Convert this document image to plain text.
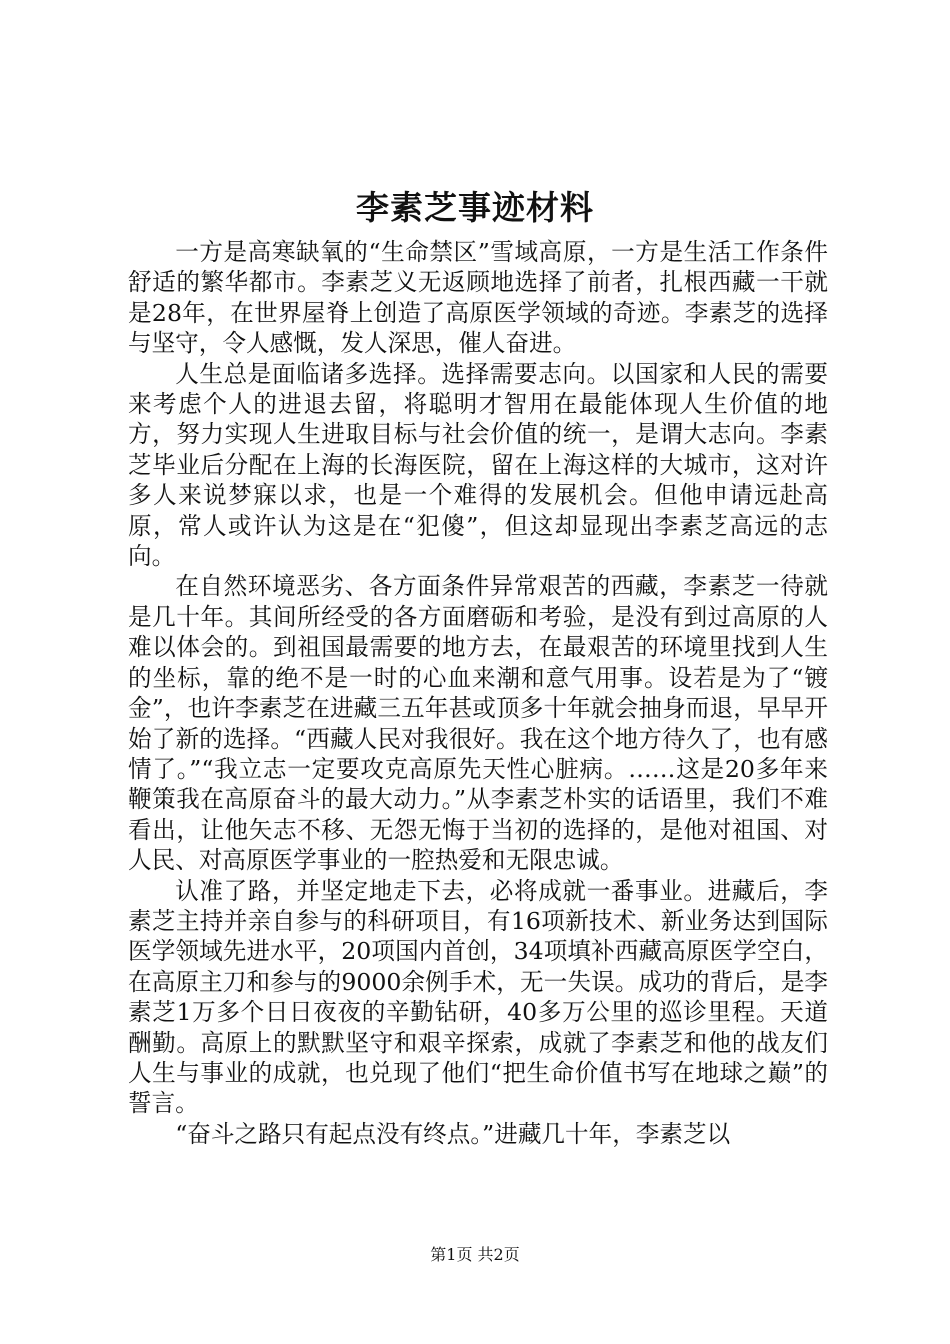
李素芝事迹材料

一方是高寒缺氧的“生命禁区”雪域高原，一方是生活工作条件舒适的繁华都市。李素芝义无返顾地选择了前者，扎根西藏一干就是28年，在世界屋脊上创造了高原医学领域的奇迹。李素芝的选择与坚守，令人感慨，发人深思，催人奋进。

人生总是面临诸多选择。选择需要志向。以国家和人民的需要来考虑个人的进退去留，将聪明才智用在最能体现人生价值的地方，努力实现人生进取目标与社会价值的统一，是谓大志向。李素芝毕业后分配在上海的长海医院，留在上海这样的大城市，这对许多人来说梦寐以求，也是一个难得的发展机会。但他申请远赴高原，常人或许认为这是在“犯傻”，但这却显现出李素芝高远的志向。

在自然环境恶劣、各方面条件异常艰苦的西藏，李素芝一待就是几十年。其间所经受的各方面磨砺和考验，是没有到过高原的人难以体会的。到祖国最需要的地方去，在最艰苦的环境里找到人生的坐标，靠的绝不是一时的心血来潮和意气用事。设若是为了“镀金”，也许李素芝在进藏三五年甚或顶多十年就会抽身而退，早早开始了新的选择。“西藏人民对我很好。我在这个地方待久了，也有感情了。”“我立志一定要攻克高原先天性心脏病。……这是20多年来鞭策我在高原奋斗的最大动力。”从李素芝朴实的话语里，我们不难看出，让他矢志不移、无怨无悔于当初的选择的，是他对祖国、对人民、对高原医学事业的一腔热爱和无限忠诚。

认准了路，并坚定地走下去，必将成就一番事业。进藏后，李素芝主持并亲自参与的科研项目，有16项新技术、新业务达到国际医学领域先进水平，20项国内首创，34项填补西藏高原医学空白，在高原主刀和参与的9000余例手术，无一失误。成功的背后，是李素芝1万多个日日夜夜的辛勤钻研，40多万公里的巡诊里程。天道酬勤。高原上的默默坚守和艰辛探索，成就了李素芝和他的战友们人生与事业的成就，也兑现了他们“把生命价值书写在地球之巅”的誓言。

“奋斗之路只有起点没有终点。”进藏几十年，李素芝以

第1页 共2页
